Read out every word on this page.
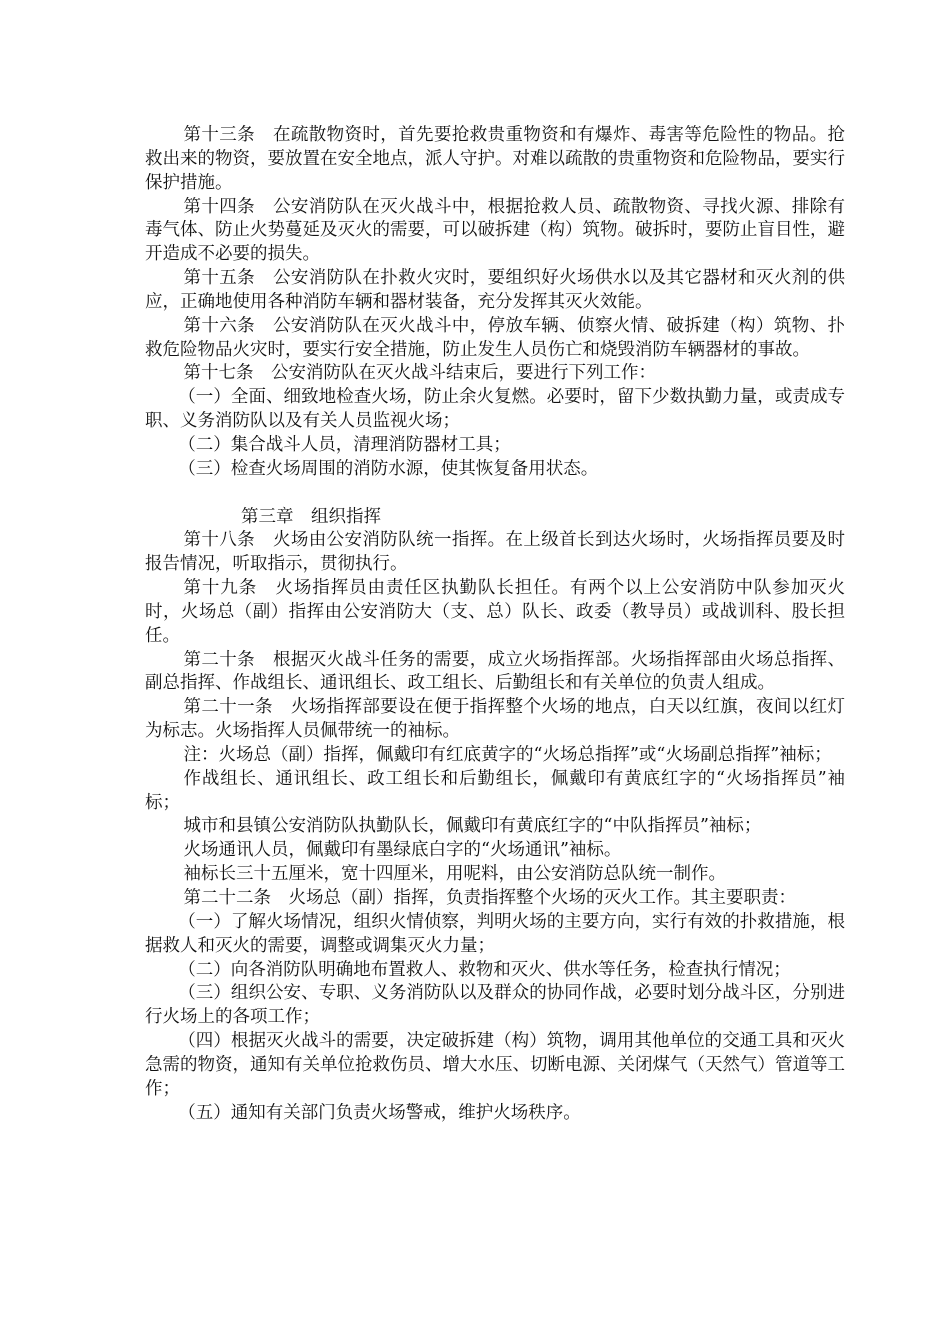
第十三条　在疏散物资时，首先要抢救贵重物资和有爆炸、毒害等危险性的物品。抢救出来的物资，要放置在安全地点，派人守护。对难以疏散的贵重物资和危险物品，要实行保护措施。

第十四条　公安消防队在灭火战斗中，根据抢救人员、疏散物资、寻找火源、排除有毒气体、防止火势蔓延及灭火的需要，可以破拆建（构）筑物。破拆时，要防止盲目性，避开造成不必要的损失。

第十五条　公安消防队在扑救火灾时，要组织好火场供水以及其它器材和灭火剂的供应，正确地使用各种消防车辆和器材装备，充分发挥其灭火效能。

第十六条　公安消防队在灭火战斗中，停放车辆、侦察火情、破拆建（构）筑物、扑救危险物品火灾时，要实行安全措施，防止发生人员伤亡和烧毁消防车辆器材的事故。

第十七条　公安消防队在灭火战斗结束后，要进行下列工作：

（一）全面、细致地检查火场，防止余火复燃。必要时，留下少数执勤力量，或责成专职、义务消防队以及有关人员监视火场；

（二）集合战斗人员，清理消防器材工具；

（三）检查火场周围的消防水源，使其恢复备用状态。

第三章　组织指挥

第十八条　火场由公安消防队统一指挥。在上级首长到达火场时，火场指挥员要及时报告情况，听取指示，贯彻执行。

第十九条　火场指挥员由责任区执勤队长担任。有两个以上公安消防中队参加灭火时，火场总（副）指挥由公安消防大（支、总）队长、政委（教导员）或战训科、股长担任。

第二十条　根据灭火战斗任务的需要，成立火场指挥部。火场指挥部由火场总指挥、副总指挥、作战组长、通讯组长、政工组长、后勤组长和有关单位的负责人组成。

第二十一条　火场指挥部要设在便于指挥整个火场的地点，白天以红旗，夜间以红灯为标志。火场指挥人员佩带统一的袖标。

注：火场总（副）指挥，佩戴印有红底黄字的“火场总指挥”或“火场副总指挥”袖标；

作战组长、通讯组长、政工组长和后勤组长，佩戴印有黄底红字的“火场指挥员”袖标；

城市和县镇公安消防队执勤队长，佩戴印有黄底红字的“中队指挥员”袖标；

火场通讯人员，佩戴印有墨绿底白字的“火场通讯”袖标。

袖标长三十五厘米，宽十四厘米，用呢料，由公安消防总队统一制作。

第二十二条　火场总（副）指挥，负责指挥整个火场的灭火工作。其主要职责：

（一）了解火场情况，组织火情侦察，判明火场的主要方向，实行有效的扑救措施，根据救人和灭火的需要，调整或调集灭火力量；

（二）向各消防队明确地布置救人、救物和灭火、供水等任务，检查执行情况；

（三）组织公安、专职、义务消防队以及群众的协同作战，必要时划分战斗区，分别进行火场上的各项工作；

（四）根据灭火战斗的需要，决定破拆建（构）筑物，调用其他单位的交通工具和灭火急需的物资，通知有关单位抢救伤员、增大水压、切断电源、关闭煤气（天然气）管道等工作；

（五）通知有关部门负责火场警戒，维护火场秩序。
